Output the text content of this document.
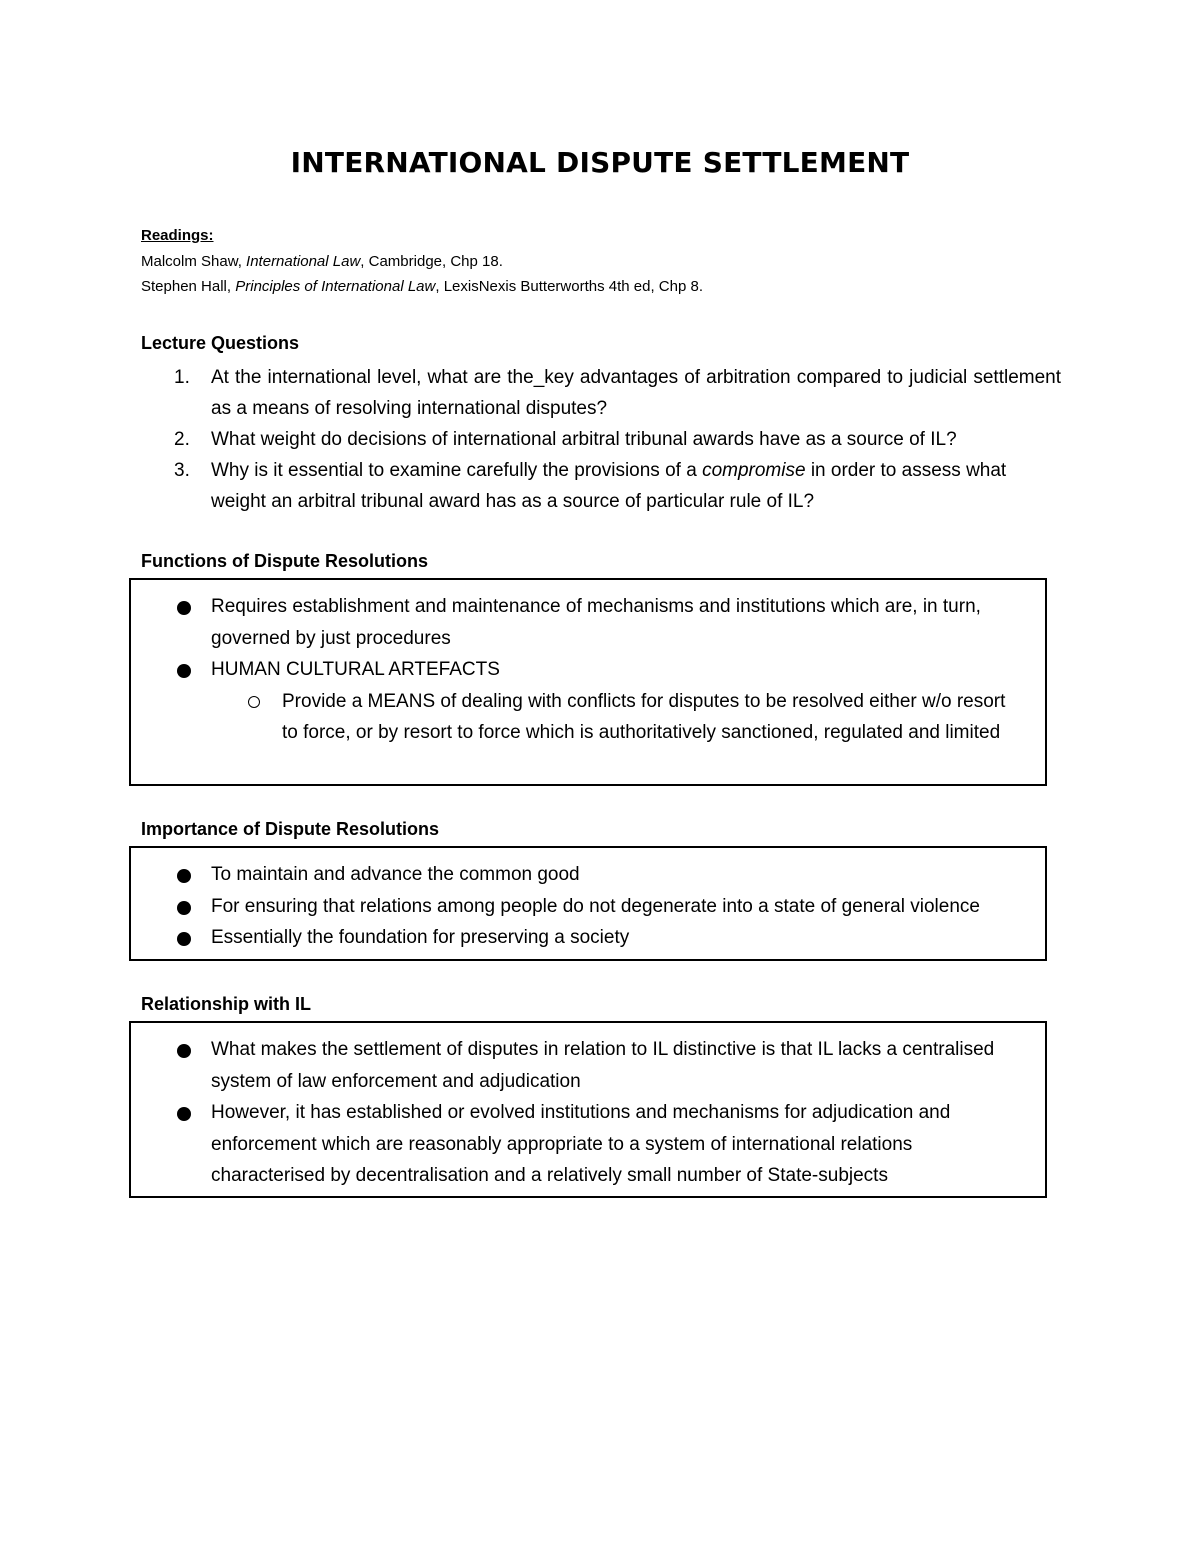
INTERNATIONAL DISPUTE SETTLEMENT
Readings:
Malcolm Shaw, International Law, Cambridge, Chp 18.
Stephen Hall, Principles of International Law, LexisNexis Butterworths 4th ed, Chp 8.
Lecture Questions
1. At the international level, what are the_key advantages of arbitration compared to judicial settlement as a means of resolving international disputes?
2. What weight do decisions of international arbitral tribunal awards have as a source of IL?
3. Why is it essential to examine carefully the provisions of a compromise in order to assess what weight an arbitral tribunal award has as a source of particular rule of IL?
Functions of Dispute Resolutions
Requires establishment and maintenance of mechanisms and institutions which are, in turn, governed by just procedures
HUMAN CULTURAL ARTEFACTS
Provide a MEANS of dealing with conflicts for disputes to be resolved either w/o resort to force, or by resort to force which is authoritatively sanctioned, regulated and limited
Importance of Dispute Resolutions
To maintain and advance the common good
For ensuring that relations among people do not degenerate into a state of general violence
Essentially the foundation for preserving a society
Relationship with IL
What makes the settlement of disputes in relation to IL distinctive is that IL lacks a centralised system of law enforcement and adjudication
However, it has established or evolved institutions and mechanisms for adjudication and enforcement which are reasonably appropriate to a system of international relations characterised by decentralisation and a relatively small number of State-subjects
